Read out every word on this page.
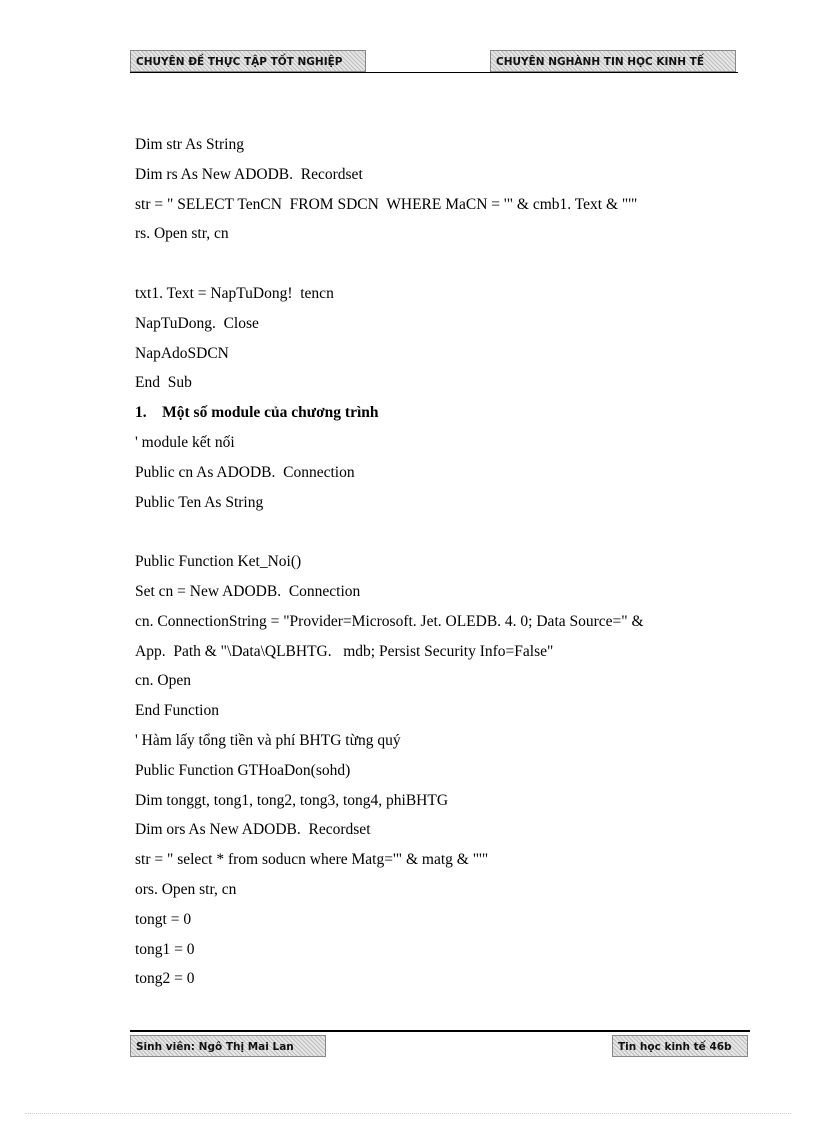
CHUYÊN ĐỀ THỰC TẬP TỐT NGHIỆP	CHUYÊN NGHÀNH TIN HỌC KINH TẾ
Dim str As String
Dim rs As New ADODB.  Recordset
str = " SELECT TenCN  FROM SDCN  WHERE MaCN = '" & cmb1. Text & "'"
rs. Open str, cn
txt1. Text = NapTuDong!  tencn
NapTuDong.  Close
NapAdoSDCN
End  Sub
1.    Một số module của chương trình
' module kết nối
Public cn As ADODB.  Connection
Public Ten As String
Public Function Ket_Noi()
Set cn = New ADODB.  Connection
cn. ConnectionString = "Provider=Microsoft. Jet. OLEDB. 4. 0; Data Source=" &
App.  Path & "\Data\QLBHTG.   mdb; Persist Security Info=False"
cn. Open
End Function
' Hàm lấy tổng tiền và phí BHTG từng quý
Public Function GTHoaDon(sohd)
Dim tonggt, tong1, tong2, tong3, tong4, phiBHTG
Dim ors As New ADODB.  Recordset
str = " select * from soducn where Matg='" & matg & "'"
ors. Open str, cn
tongt = 0
tong1 = 0
tong2 = 0
Sinh viên: Ngô Thị Mai Lan	Tin học kinh tế 46b
